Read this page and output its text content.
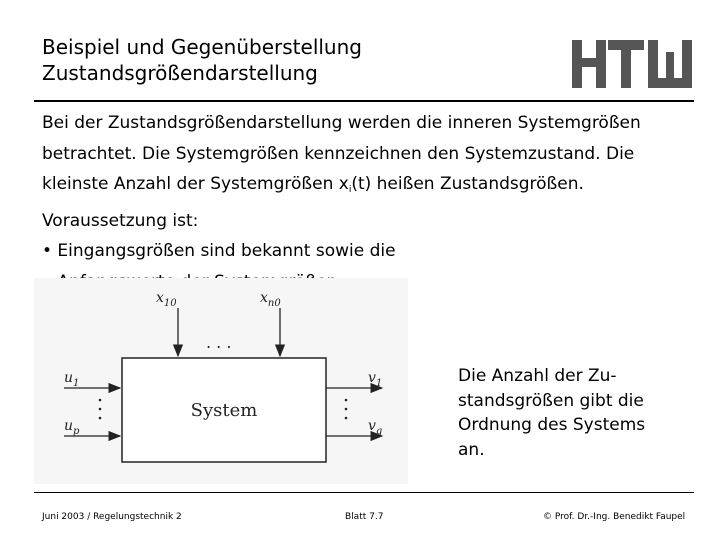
Beispiel und Gegenüberstellung
Zustandsgrößendarstellung

Bei der Zustandsgrößendarstellung werden die inneren Systemgrößen

betrachtet. Die Systemgrößen kennzeichnen den Systemzustand. Die

kleinste Anzahl der Systemgrößen $x_i(t)$ heißen Zustandsgrößen.

Voraussetzung ist:

• Eingangsgrößen sind bekannt sowie die

System
$x_{10}$	$x_{n0}$
. . .
$u_1$
$u_p$
$v_1$
$v_q$

Die Anzahl der Zu-

standsgrößen gibt die

Ordnung des Systems

an.

Juni 2003 / Regelungstechnik 2	Blatt 7.7	© Prof. Dr.-Ing. Benedikt Faupel
